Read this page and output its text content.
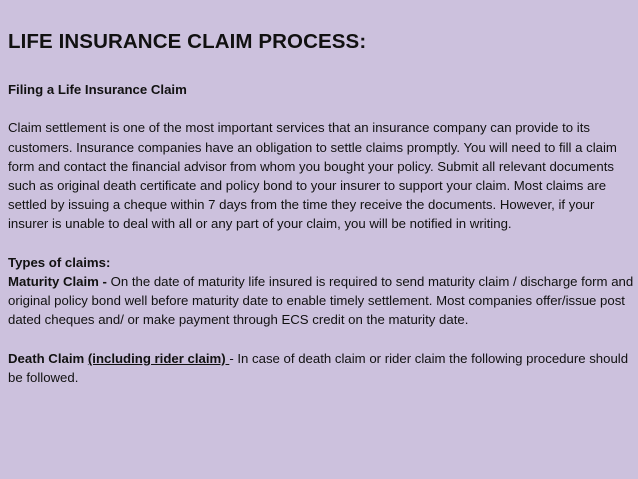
LIFE INSURANCE CLAIM PROCESS:

Filing a Life Insurance Claim

Claim settlement is one of the most important services that an insurance company can provide to its customers. Insurance companies have an obligation to settle claims promptly. You will need to fill a claim form and contact the financial advisor from whom you bought your policy. Submit all relevant documents such as original death certificate and policy bond to your insurer to support your claim. Most claims are settled by issuing a cheque within 7 days from the time they receive the documents. However, if your insurer is unable to deal with all or any part of your claim, you will be notified in writing.

Types of claims:

Maturity Claim - On the date of maturity life insured is required to send maturity claim / discharge form and original policy bond well before maturity date to enable timely settlement. Most companies offer/issue post dated cheques and/ or make payment through ECS credit on the maturity date.

Death Claim (including rider claim) - In case of death claim or rider claim the following procedure should be followed.
